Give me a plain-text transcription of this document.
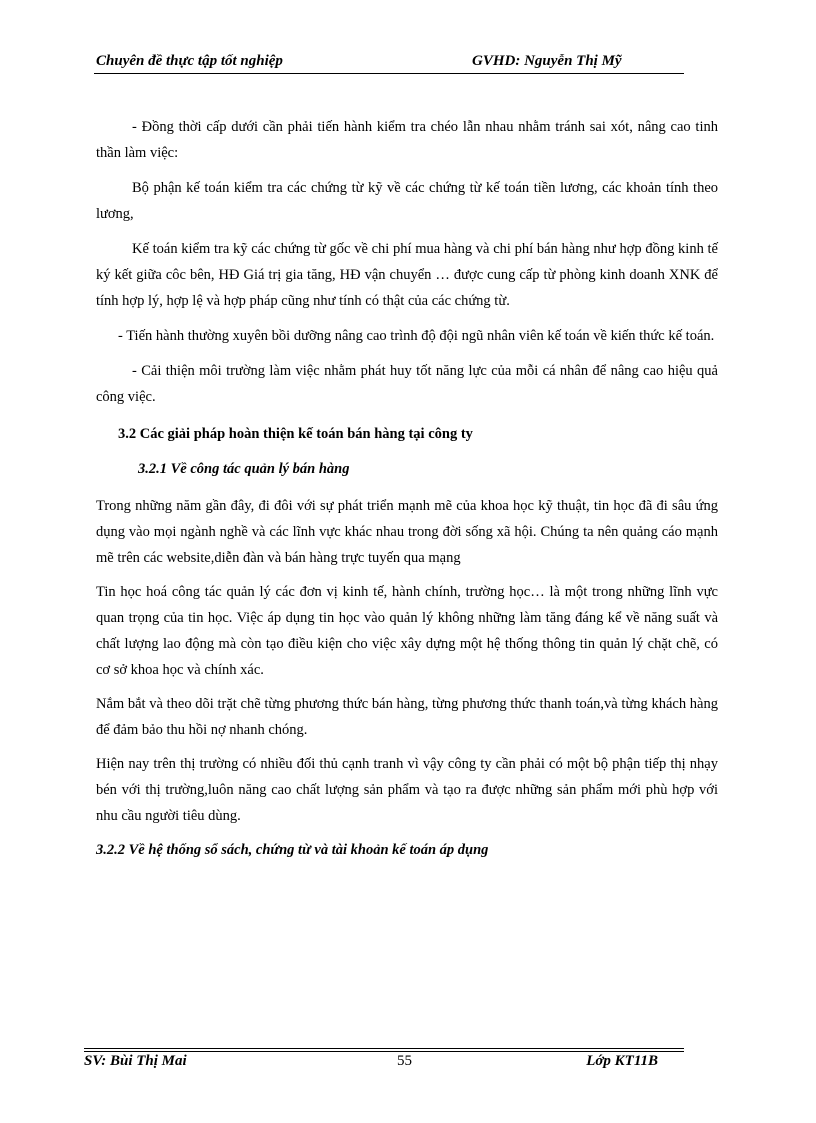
Chuyên đề thực tập tốt nghiệp	GVHD: Nguyễn Thị Mỹ

- Đồng thời cấp dưới cần phải tiến hành kiểm tra chéo lẫn nhau nhằm tránh sai xót, nâng cao tinh thần làm việc:

Bộ phận kế toán kiểm tra các chứng từ kỹ về các chứng từ kế toán tiền lương, các khoản tính theo lương,

Kế toán kiểm tra kỹ các chứng từ gốc về chi phí mua hàng và chi phí bán hàng như hợp đồng kinh tế ký kết giữa côc bên, HĐ Giá trị gia tăng, HĐ vận chuyển … được cung cấp từ phòng kinh doanh XNK để tính hợp lý, hợp lệ và hợp pháp cũng như tính có thật của các chứng từ.

- Tiến hành thường xuyên bồi dưỡng nâng cao trình độ đội ngũ nhân viên kế toán về kiến thức kế toán.

- Cải thiện môi trường làm việc nhằm phát huy tốt năng lực của mỗi cá nhân để nâng cao hiệu quả công việc.

3.2 Các giải pháp hoàn thiện kế toán bán hàng tại công ty

3.2.1 Về công tác quản lý bán hàng

Trong những năm gần đây, đi đôi với sự phát triển mạnh mẽ của khoa học kỹ thuật, tin học đã đi sâu ứng dụng vào mọi ngành nghề và các lĩnh vực khác nhau trong đời sống xã hội. Chúng ta nên quảng cáo mạnh mẽ trên các website,diễn đàn và bán hàng trực tuyến qua mạng

Tin học hoá công tác quản lý các đơn vị kinh tế, hành chính, trường học… là một trong những lĩnh vực quan trọng của tin học. Việc áp dụng tin học vào quản lý không những làm tăng đáng kể về năng suất và chất lượng lao động mà còn tạo điều kiện cho việc xây dựng một hệ thống thông tin quản lý chặt chẽ, có cơ sở khoa học và chính xác.

Nắm bắt và theo dõi trặt chẽ từng phương thức bán hàng, từng phương thức thanh toán,và từng khách hàng để đảm bảo thu hồi nợ nhanh chóng.

Hiện nay trên thị trường có nhiều đối thủ cạnh tranh vì vậy công ty cần phải có một bộ phận tiếp thị nhạy bén với thị trường,luôn năng cao chất lượng sản phẩm và tạo ra được những sản phẩm mới phù hợp với nhu cầu người tiêu dùng.

3.2.2 Về hệ thống sổ sách, chứng từ và tài khoản kế toán áp dụng

SV: Bùi Thị Mai	55	Lớp KT11B
